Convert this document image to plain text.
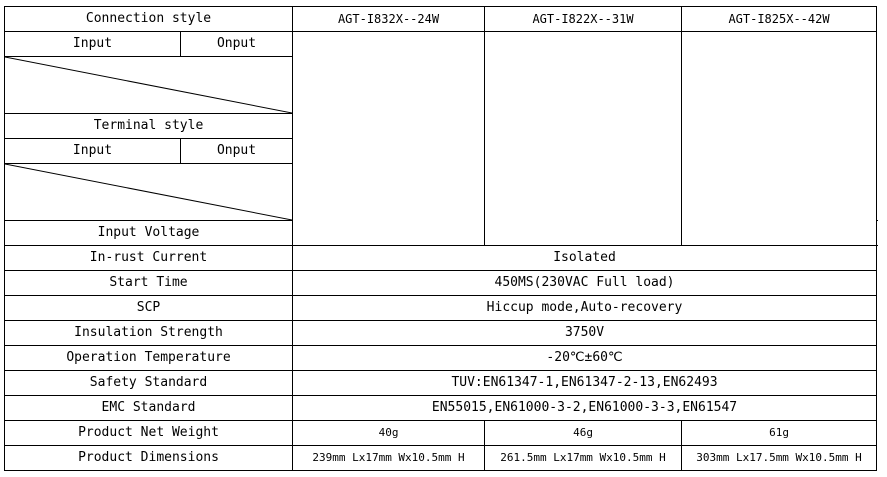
Connection style		AGT-I832X--24W	AGT-I822X--31W	AGT-I825X--42W	
Input	Onput				

Terminal style					
Input	Onput				

Input Voltage	
In-rust Current		Isolated			
Start Time		450MS(230VAC Full load)			
SCP		Hiccup mode,Auto-recovery			
Insulation Strength		3750V			
Operation Temperature		-20℃±60℃			
Safety Standard		TUV:EN61347-1,EN61347-2-13,EN62493			
EMC Standard		EN55015,EN61000-3-2,EN61000-3-3,EN61547			
Product Net Weight		40g	46g	61g	
Product Dimensions		239mm Lx17mm Wx10.5mm H	261.5mm Lx17mm Wx10.5mm H	303mm Lx17.5mm Wx10.5mm H	
